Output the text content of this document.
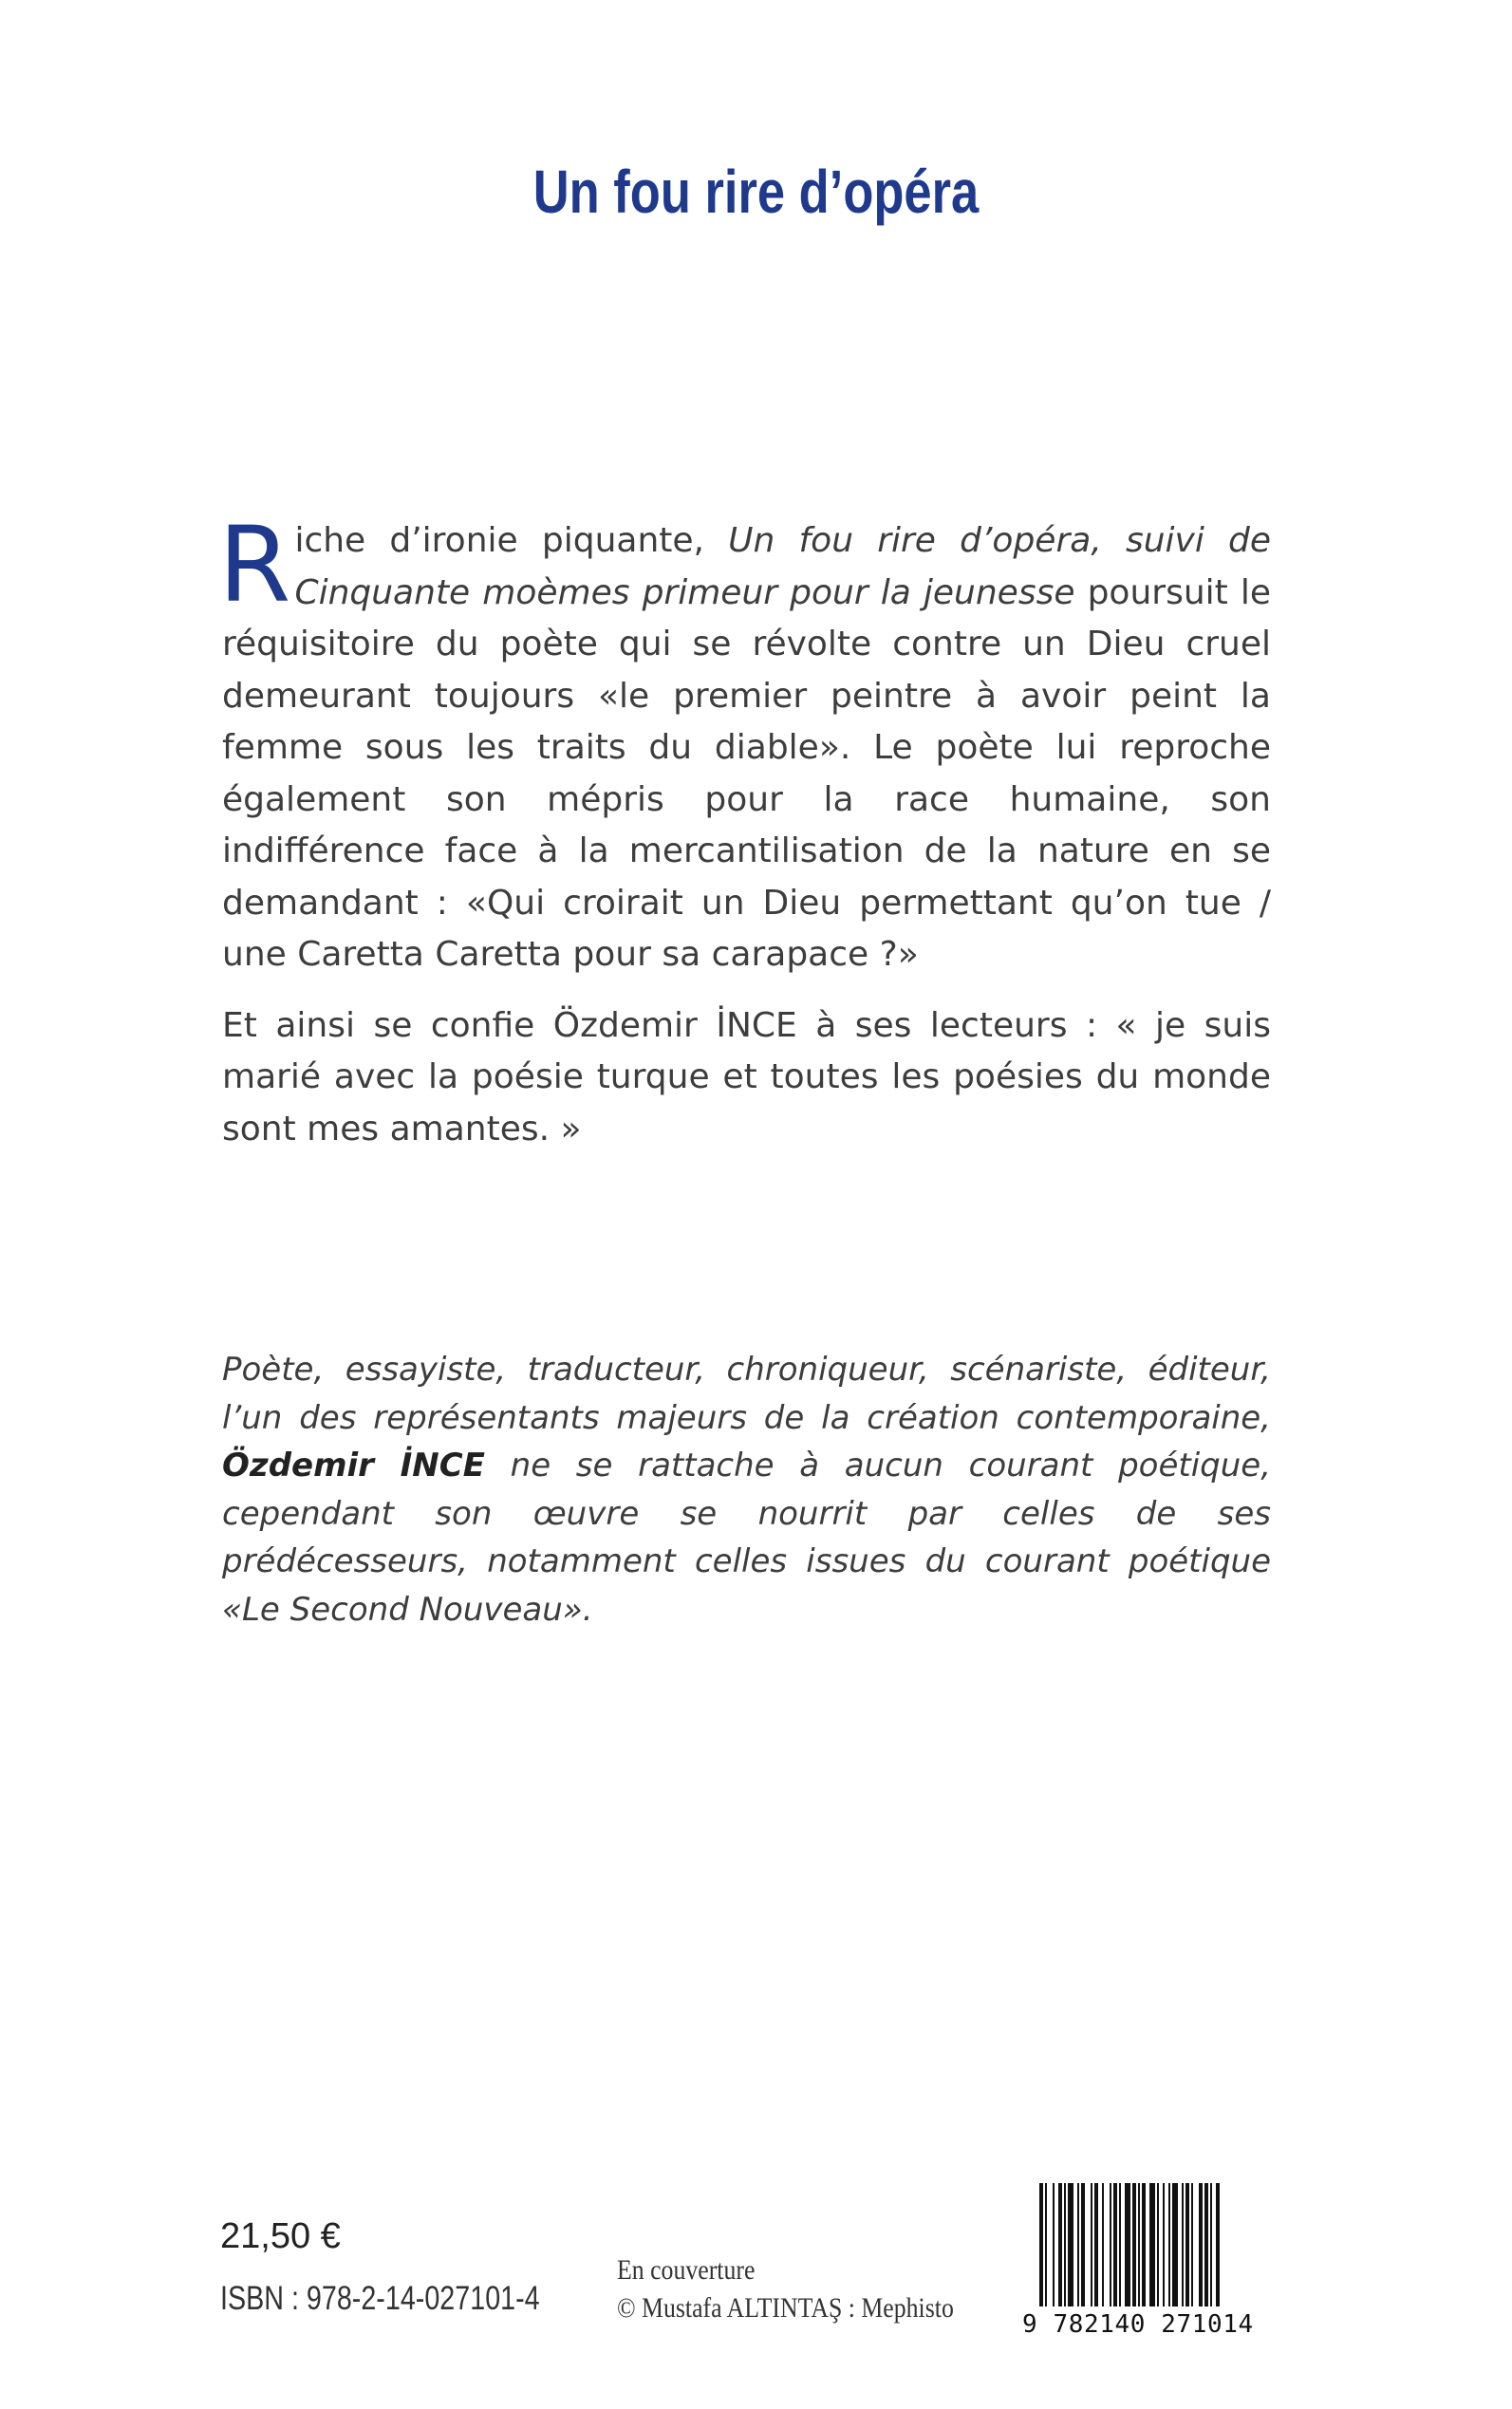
Un fou rire d’opéra

Riche d’ironie piquante, Un fou rire d’opéra, suivi de Cinquante moèmes primeur pour la jeunesse poursuit le réquisitoire du poète qui se révolte contre un Dieu cruel demeurant toujours «le premier peintre à avoir peint la femme sous les traits du diable». Le poète lui reproche également son mépris pour la race humaine, son indifférence face à la mercantilisation de la nature en se demandant : «Qui croirait un Dieu permettant qu’on tue / une Caretta Caretta pour sa carapace ?»

Et ainsi se confie Özdemir İNCE à ses lecteurs : « je suis marié avec la poésie turque et toutes les poésies du monde sont mes amantes. »

Poète, essayiste, traducteur, chroniqueur, scénariste, éditeur, l’un des représentants majeurs de la création contemporaine, Özdemir İNCE ne se rattache à aucun courant poétique, cependant son œuvre se nourrit par celles de ses prédécesseurs, notamment celles issues du courant poétique «Le Second Nouveau».
21,50 €
ISBN : 978-2-14-027101-4
En couverture
© Mustafa ALTINTAŞ : Mephisto
9 782140 271014
